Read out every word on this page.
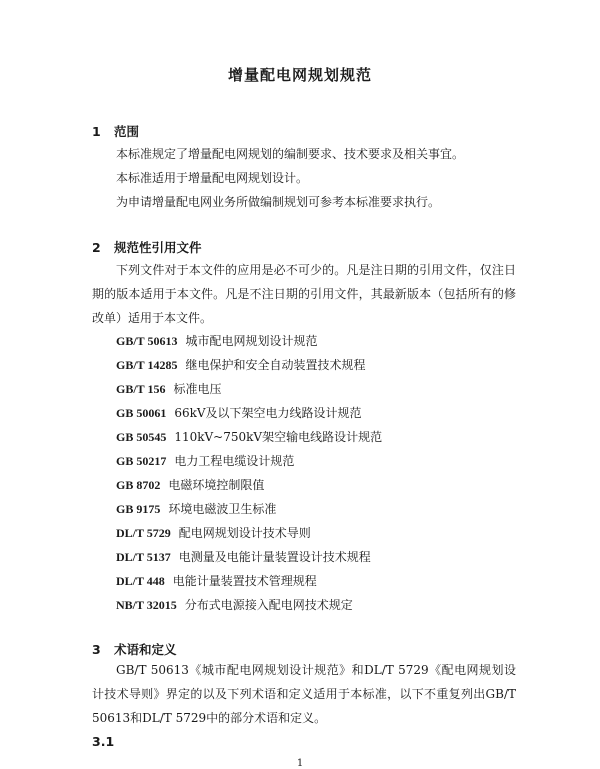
增量配电网规划规范
1 范围
本标准规定了增量配电网规划的编制要求、技术要求及相关事宜。
本标准适用于增量配电网规划设计。
为申请增量配电网业务所做编制规划可参考本标准要求执行。
2 规范性引用文件
下列文件对于本文件的应用是必不可少的。凡是注日期的引用文件，仅注日期的版本适用于本文件。凡是不注日期的引用文件，其最新版本（包括所有的修改单）适用于本文件。
GB/T 50613 城市配电网规划设计规范
GB/T 14285 继电保护和安全自动装置技术规程
GB/T 156 标准电压
GB 50061 66kV及以下架空电力线路设计规范
GB 50545 110kV~750kV架空输电线路设计规范
GB 50217 电力工程电缆设计规范
GB 8702 电磁环境控制限值
GB 9175 环境电磁波卫生标准
DL/T 5729 配电网规划设计技术导则
DL/T 5137 电测量及电能计量装置设计技术规程
DL/T 448 电能计量装置技术管理规程
NB/T 32015 分布式电源接入配电网技术规定
3 术语和定义
GB/T 50613《城市配电网规划设计规范》和DL/T 5729《配电网规划设计技术导则》界定的以及下列术语和定义适用于本标准，以下不重复列出GB/T 50613和DL/T 5729中的部分术语和定义。
3.1
1
